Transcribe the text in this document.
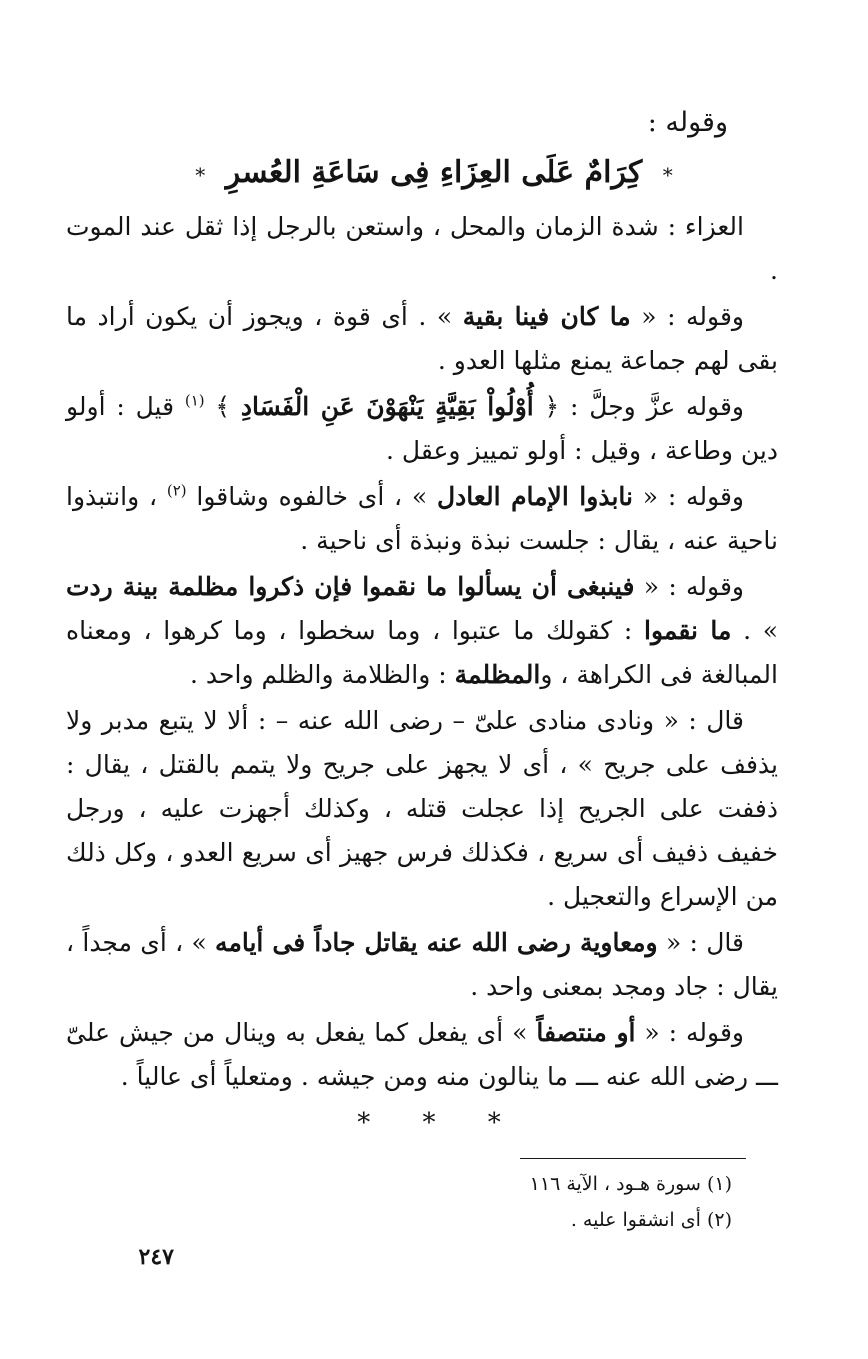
وقوله :
* كِرَامٌ عَلَى العِزَاءِ فِى سَاعَةِ العُسرِ *

العزاء : شدة الزمان والمحل ، واستعن بالرجل إذا ثقل عند الموت .

وقوله : « ما كان فينا بقية » . أى قوة ، ويجوز أن يكون أراد ما بقى لهم جماعة يمنع مثلها العدو .

وقوله عزَّ وجلَّ : ﴿ أُوْلُواْ بَقِيَّةٍ يَنْهَوْنَ عَنِ الْفَسَادِ ﴾ $^{(١)}$ قيل : أولو دين وطاعة ، وقيل : أولو تمييز وعقل .

وقوله : « نابذوا الإمام العادل » ، أى خالفوه وشاقوا $^{(٢)}$ ، وانتبذوا ناحية عنه ، يقال : جلست نبذة ونبذة أى ناحية .

وقوله : « فينبغى أن يسألوا ما نقموا فإن ذكروا مظلمة بينة ردت » . ما نقموا : كقولك ما عتبوا ، وما سخطوا ، وما كرهوا ، ومعناه المبالغة فى الكراهة ، والمظلمة : والظلامة والظلم واحد .

قال : « ونادى منادى علىّ – رضى الله عنه – : ألا لا يتبع مدبر ولا يذفف على جريح » ، أى لا يجهز على جريح ولا يتمم بالقتل ، يقال : ذففت على الجريح إذا عجلت قتله ، وكذلك أجهزت عليه ، ورجل خفيف ذفيف أى سريع ، فكذلك فرس جهيز أى سريع العدو ، وكل ذلك من الإسراع والتعجيل .

قال : « ومعاوية رضى الله عنه يقاتل جاداً فى أيامه » ، أى مجداً ، يقال : جاد ومجد بمعنى واحد .

وقوله : « أو منتصفاً » أى يفعل كما يفعل به وينال من جيش علىّ ـــ رضى الله عنه ـــ ما ينالون منه ومن جيشه . ومتعلياً أى عالياً .

* * *
(١) سورة هـود ، الآية ١١٦
(٢) أى انشقوا عليه .
٢٤٧
